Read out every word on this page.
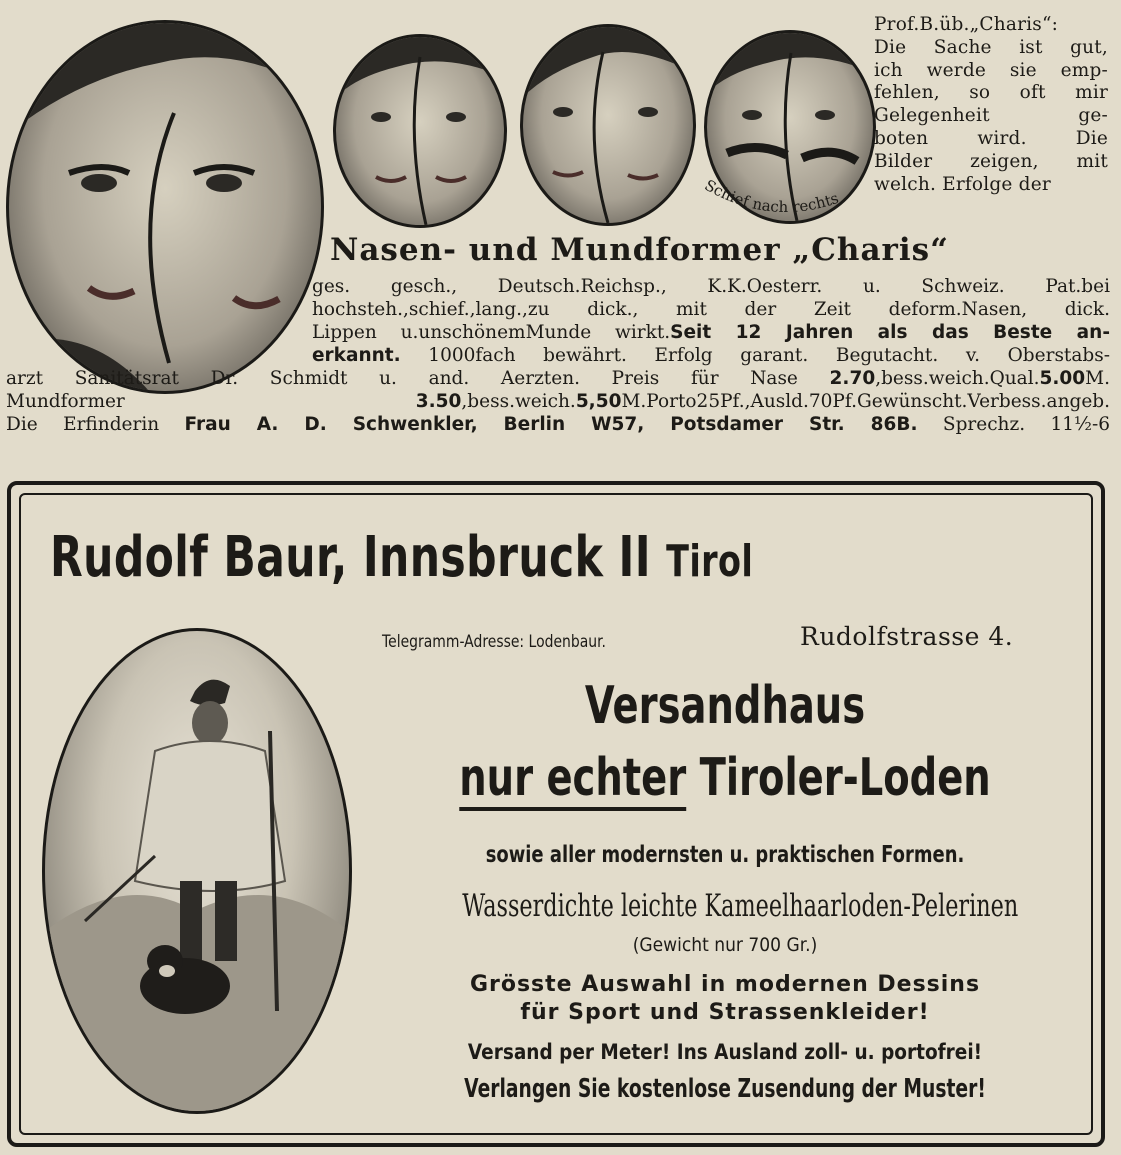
Schief nach rechts
Prof.B.üb.„Charis“:
Die Sache ist gut,
ich werde sie emp-
fehlen, so oft mir
Gelegenheit ge-
boten wird. Die
Bilder zeigen, mit
welch. Erfolge der
Nasen- und Mundformer „Charis“
ges. gesch., Deutsch.Reichsp., K.K.Oesterr. u. Schweiz. Pat.bei
hochsteh.,schief.,lang.,zu dick., mit der Zeit deform.Nasen, dick.
Lippen u.unschönemMunde wirkt.Seit 12 Jahren als das Beste an-
erkannt. 1000fach bewährt. Erfolg garant. Begutacht. v. Oberstabs-
arzt Sanitätsrat Dr. Schmidt u. and. Aerzten. Preis für Nase 2.70,bess.weich.Qual.5.00M.
Mundformer 3.50,bess.weich.5,50M.Porto25Pf.,Ausld.70Pf.Gewünscht.Verbess.angeb.
Die Erfinderin Frau A. D. Schwenkler, Berlin W57, Potsdamer Str. 86B. Sprechz. 11½-6
Rudolf Baur, Innsbruck II Tirol
Telegramm-Adresse: Lodenbaur.	Rudolfstrasse 4.
Versandhaus
nur echter Tiroler-Loden
sowie aller modernsten u. praktischen Formen.
Wasserdichte leichte Kameelhaarloden-Pelerinen
(Gewicht nur 700 Gr.)
Grösste Auswahl in modernen Dessins
für Sport und Strassenkleider!
Versand per Meter! Ins Ausland zoll- u. portofrei!
Verlangen Sie kostenlose Zusendung der Muster!
